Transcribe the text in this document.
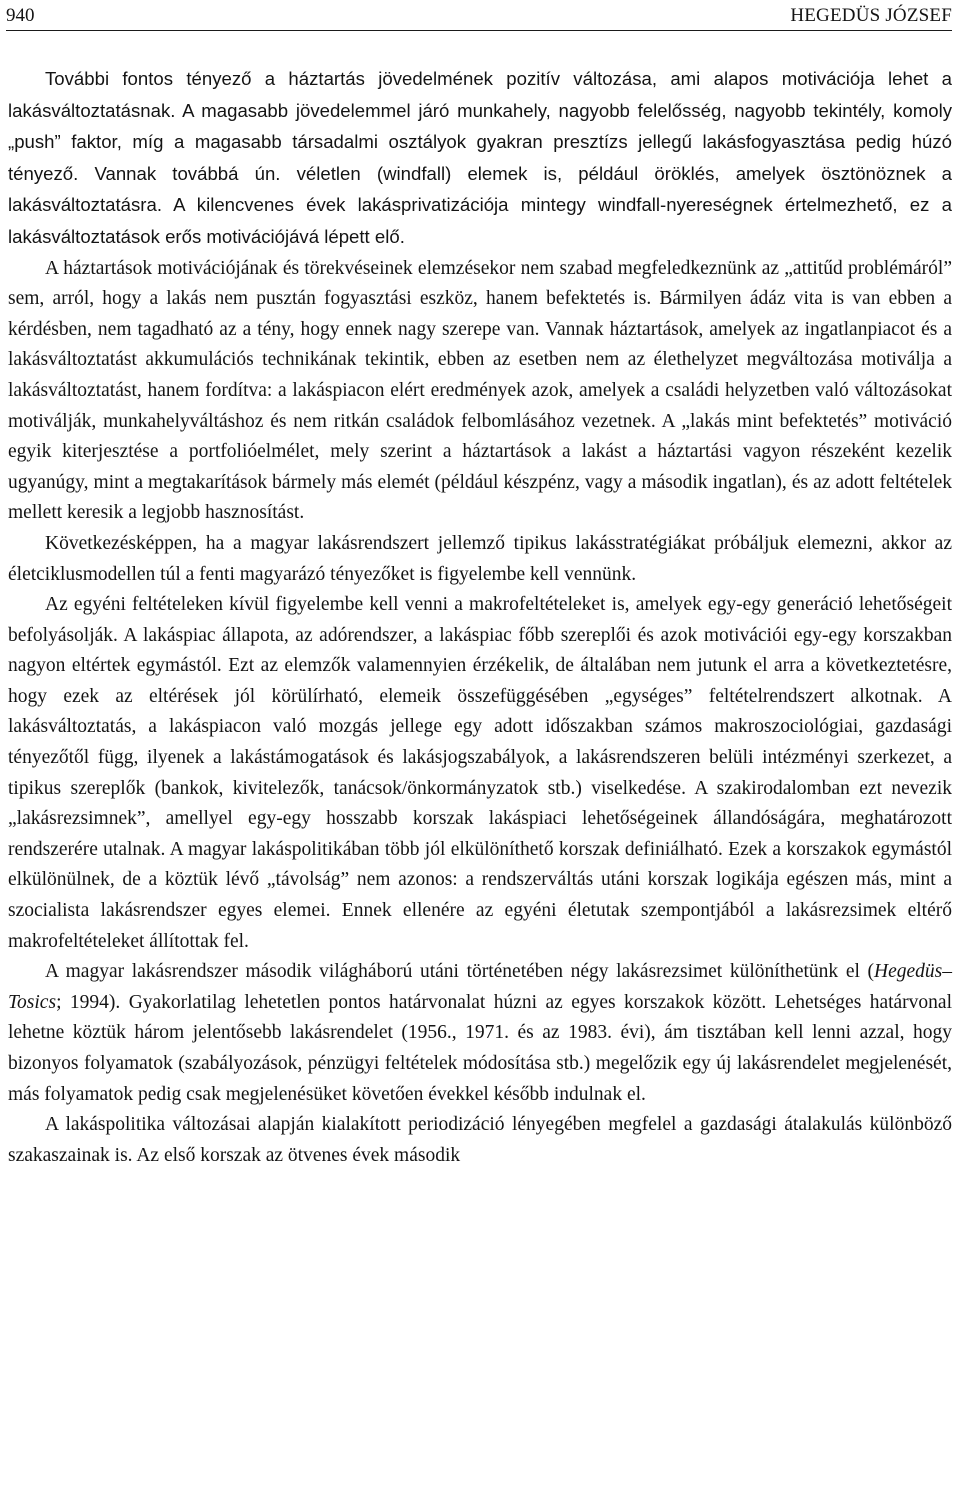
940	HEGEDÜS JÓZSEF

További fontos tényező a háztartás jövedelmének pozitív változása, ami alapos motivációja lehet a lakásváltoztatásnak. A magasabb jövedelemmel járó munkahely, nagyobb felelősség, nagyobb tekintély, komoly „push” faktor, míg a magasabb társadalmi osztályok gyakran presztízs jellegű lakásfogyasztása pedig húzó tényező. Vannak továbbá ún. véletlen (windfall) elemek is, például öröklés, amelyek ösztönöznek a lakásváltoztatásra. A kilencvenes évek lakásprivatizációja mintegy windfall-nyereségnek értelmezhető, ez a lakásváltoztatások erős motivációjává lépett elő.

A háztartások motivációjának és törekvéseinek elemzésekor nem szabad megfeledkeznünk az „attitűd problémáról” sem, arról, hogy a lakás nem pusztán fogyasztási eszköz, hanem befektetés is. Bármilyen ádáz vita is van ebben a kérdésben, nem tagadható az a tény, hogy ennek nagy szerepe van. Vannak háztartások, amelyek az ingatlanpiacot és a lakásváltoztatást akkumulációs technikának tekintik, ebben az esetben nem az élethelyzet megváltozása motiválja a lakásváltoztatást, hanem fordítva: a lakáspiacon elért eredmények azok, amelyek a családi helyzetben való változásokat motiválják, munkahelyváltáshoz és nem ritkán családok felbomlásához vezetnek. A „lakás mint befektetés” motiváció egyik kiterjesztése a portfolióelmélet, mely szerint a háztartások a lakást a háztartási vagyon részeként kezelik ugyanúgy, mint a megtakarítások bármely más elemét (például készpénz, vagy a második ingatlan), és az adott feltételek mellett keresik a legjobb hasznosítást.

Következésképpen, ha a magyar lakásrendszert jellemző tipikus lakásstratégiákat próbáljuk elemezni, akkor az életciklusmodellen túl a fenti magyarázó tényezőket is figyelembe kell vennünk.

Az egyéni feltételeken kívül figyelembe kell venni a makrofeltételeket is, amelyek egy-egy generáció lehetőségeit befolyásolják. A lakáspiac állapota, az adórendszer, a lakáspiac főbb szereplői és azok motivációi egy-egy korszakban nagyon eltértek egymástól. Ezt az elemzők valamennyien érzékelik, de általában nem jutunk el arra a következtetésre, hogy ezek az eltérések jól körülírható, elemeik összefüggésében „egységes” feltételrendszert alkotnak. A lakásváltoztatás, a lakáspiacon való mozgás jellege egy adott időszakban számos makroszociológiai, gazdasági tényezőtől függ, ilyenek a lakástámogatások és lakásjogszabályok, a lakásrendszeren belüli intézményi szerkezet, a tipikus szereplők (bankok, kivitelezők, tanácsok/önkormányzatok stb.) viselkedése. A szakirodalomban ezt nevezik „lakásrezsimnek”, amellyel egy-egy hosszabb korszak lakáspiaci lehetőségeinek állandóságára, meghatározott rendszerére utalnak. A magyar lakáspolitikában több jól elkülöníthető korszak definiálható. Ezek a korszakok egymástól elkülönülnek, de a köztük lévő „távolság” nem azonos: a rendszerváltás utáni korszak logikája egészen más, mint a szocialista lakásrendszer egyes elemei. Ennek ellenére az egyéni életutak szempontjából a lakásrezsimek eltérő makrofeltételeket állítottak fel.

A magyar lakásrendszer második világháború utáni történetében négy lakásrezsimet különíthetünk el (Hegedüs–Tosics; 1994). Gyakorlatilag lehetetlen pontos határvonalat húzni az egyes korszakok között. Lehetséges határvonal lehetne köztük három jelentősebb lakásrendelet (1956., 1971. és az 1983. évi), ám tisztában kell lenni azzal, hogy bizonyos folyamatok (szabályozások, pénzügyi feltételek módosítása stb.) megelőzik egy új lakásrendelet megjelenését, más folyamatok pedig csak megjelenésüket követően évekkel később indulnak el.

A lakáspolitika változásai alapján kialakított periodizáció lényegében megfelel a gazdasági átalakulás különböző szakaszainak is. Az első korszak az ötvenes évek második
